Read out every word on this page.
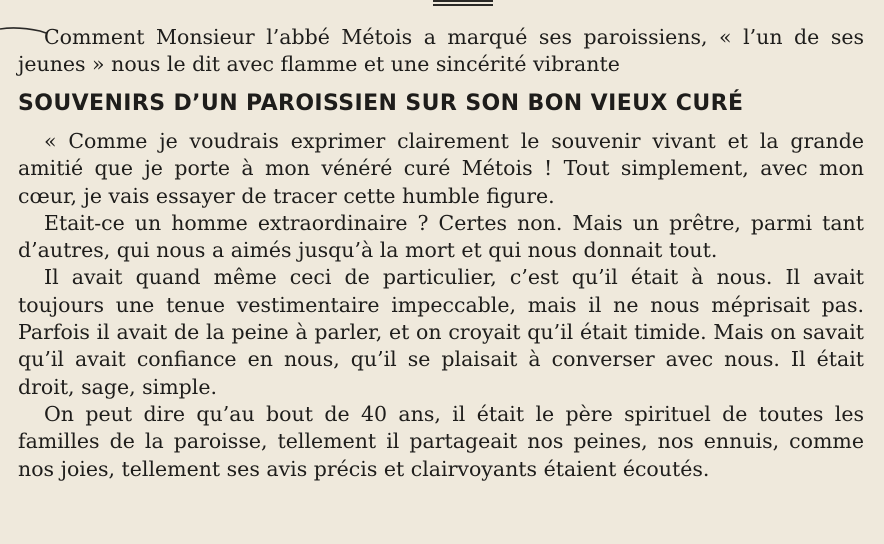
Comment Monsieur l’abbé Métois a marqué ses paroissiens, « l’un de ses jeunes » nous le dit avec flamme et une sincérité vibrante

SOUVENIRS D’UN PAROISSIEN SUR SON BON VIEUX CURÉ

« Comme je voudrais exprimer clairement le souvenir vivant et la grande amitié que je porte à mon vénéré curé Métois ! Tout simplement, avec mon cœur, je vais essayer de tracer cette humble figure.

Etait-ce un homme extraordinaire ? Certes non. Mais un prêtre, parmi tant d’autres, qui nous a aimés jusqu’à la mort et qui nous donnait tout.

Il avait quand même ceci de particulier, c’est qu’il était à nous. Il avait toujours une tenue vestimentaire impeccable, mais il ne nous méprisait pas. Parfois il avait de la peine à parler, et on croyait qu’il était timide. Mais on savait qu’il avait confiance en nous, qu’il se plaisait à converser avec nous. Il était droit, sage, simple.

On peut dire qu’au bout de 40 ans, il était le père spirituel de toutes les familles de la paroisse, tellement il partageait nos peines, nos ennuis, comme nos joies, tellement ses avis précis et clairvoyants étaient écoutés.
